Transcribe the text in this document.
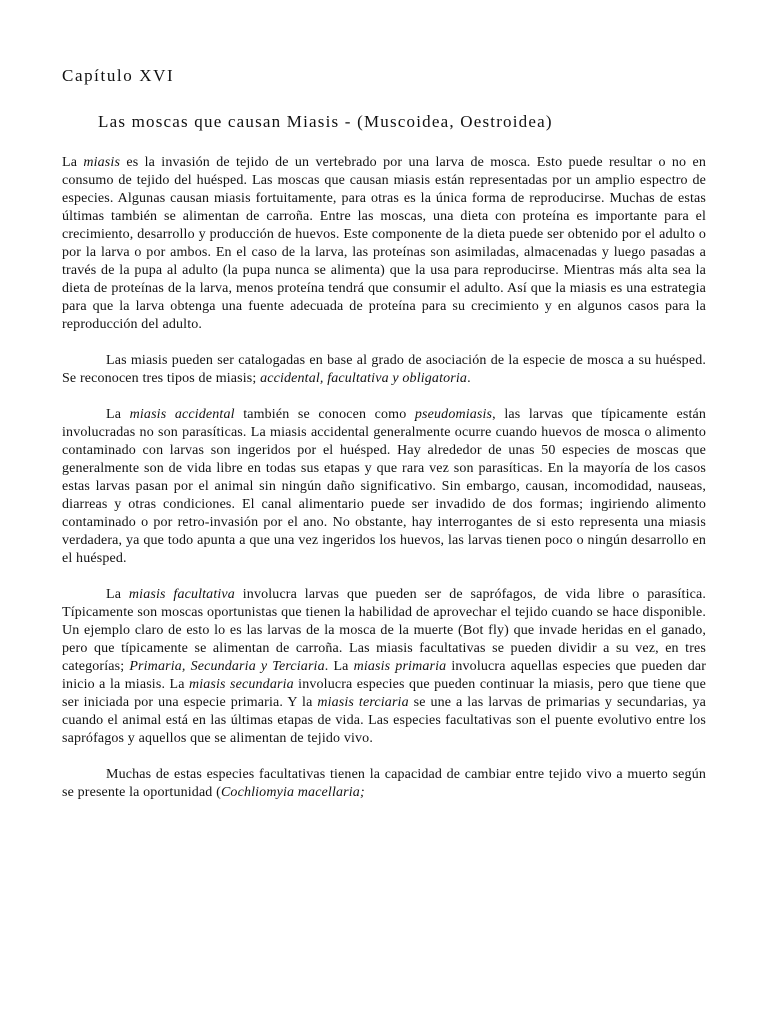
Capítulo XVI
Las moscas que causan Miasis - (Muscoidea, Oestroidea)

La miasis es la invasión de tejido de un vertebrado por una larva de mosca. Esto puede resultar o no en consumo de tejido del huésped. Las moscas que causan miasis están representadas por un amplio espectro de especies. Algunas causan miasis fortuitamente, para otras es la única forma de reproducirse. Muchas de estas últimas también se alimentan de carroña. Entre las moscas, una dieta con proteína es importante para el crecimiento, desarrollo y producción de huevos. Este componente de la dieta puede ser obtenido por el adulto o por la larva o por ambos. En el caso de la larva, las proteínas son asimiladas, almacenadas y luego pasadas a través de la pupa al adulto (la pupa nunca se alimenta) que la usa para reproducirse. Mientras más alta sea la dieta de proteínas de la larva, menos proteína tendrá que consumir el adulto. Así que la miasis es una estrategia para que la larva obtenga una fuente adecuada de proteína para su crecimiento y en algunos casos para la reproducción del adulto.

Las miasis pueden ser catalogadas en base al grado de asociación de la especie de mosca a su huésped. Se reconocen tres tipos de miasis; accidental, facultativa y obligatoria.

La miasis accidental también se conocen como pseudomiasis, las larvas que típicamente están involucradas no son parasíticas. La miasis accidental generalmente ocurre cuando huevos de mosca o alimento contaminado con larvas son ingeridos por el huésped. Hay alrededor de unas 50 especies de moscas que generalmente son de vida libre en todas sus etapas y que rara vez son parasíticas. En la mayoría de los casos estas larvas pasan por el animal sin ningún daño significativo. Sin embargo, causan, incomodidad, nauseas, diarreas y otras condiciones. El canal alimentario puede ser invadido de dos formas; ingiriendo alimento contaminado o por retro-invasión por el ano. No obstante, hay interrogantes de si esto representa una miasis verdadera, ya que todo apunta a que una vez ingeridos los huevos, las larvas tienen poco o ningún desarrollo en el huésped.

La miasis facultativa involucra larvas que pueden ser de saprófagos, de vida libre o parasítica. Típicamente son moscas oportunistas que tienen la habilidad de aprovechar el tejido cuando se hace disponible. Un ejemplo claro de esto lo es las larvas de la mosca de la muerte (Bot fly) que invade heridas en el ganado, pero que típicamente se alimentan de carroña. Las miasis facultativas se pueden dividir a su vez, en tres categorías; Primaria, Secundaria y Terciaria. La miasis primaria involucra aquellas especies que pueden dar inicio a la miasis. La miasis secundaria involucra especies que pueden continuar la miasis, pero que tiene que ser iniciada por una especie primaria. Y la miasis terciaria se une a las larvas de primarias y secundarias, ya cuando el animal está en las últimas etapas de vida. Las especies facultativas son el puente evolutivo entre los saprófagos y aquellos que se alimentan de tejido vivo.

Muchas de estas especies facultativas tienen la capacidad de cambiar entre tejido vivo a muerto según se presente la oportunidad (Cochliomyia macellaria;
